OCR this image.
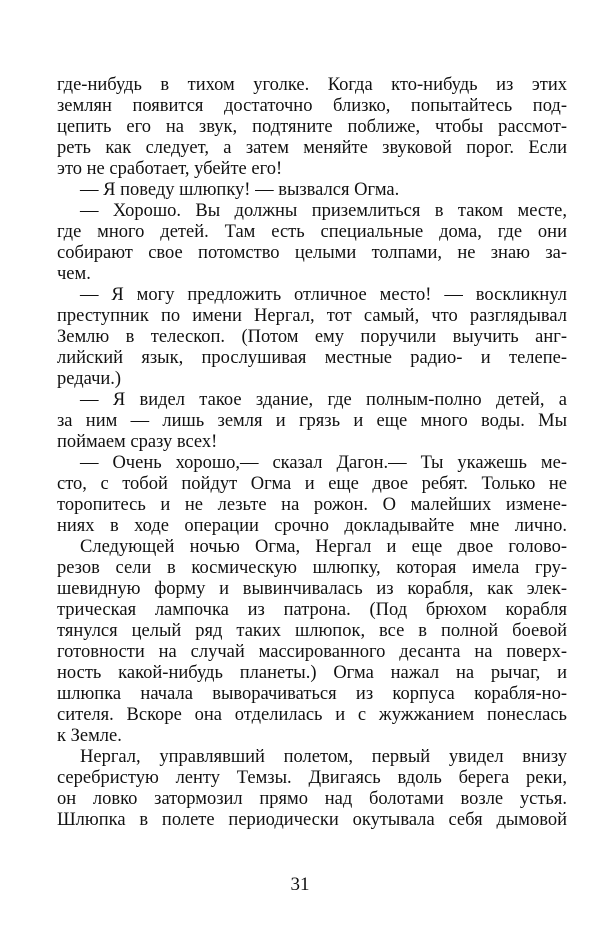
где-нибудь в тихом уголке. Когда кто-нибудь из этих
землян появится достаточно близко, попытайтесь под-
цепить его на звук, подтяните поближе, чтобы рассмот-
реть как следует, а затем меняйте звуковой порог. Если
это не сработает, убейте его!
— Я поведу шлюпку! — вызвался Огма.
— Хорошо. Вы должны приземлиться в таком месте,
где много детей. Там есть специальные дома, где они
собирают свое потомство целыми толпами, не знаю за-
чем.
— Я могу предложить отличное место! — воскликнул
преступник по имени Нергал, тот самый, что разглядывал
Землю в телескоп. (Потом ему поручили выучить анг-
лийский язык, прослушивая местные радио- и телепе-
редачи.)
— Я видел такое здание, где полным-полно детей, а
за ним — лишь земля и грязь и еще много воды. Мы
поймаем сразу всех!
— Очень хорошо,— сказал Дагон.— Ты укажешь ме-
сто, с тобой пойдут Огма и еще двое ребят. Только не
торопитесь и не лезьте на рожон. О малейших измене-
ниях в ходе операции срочно докладывайте мне лично.
Следующей ночью Огма, Нергал и еще двое голово-
резов сели в космическую шлюпку, которая имела гру-
шевидную форму и вывинчивалась из корабля, как элек-
трическая лампочка из патрона. (Под брюхом корабля
тянулся целый ряд таких шлюпок, все в полной боевой
готовности на случай массированного десанта на поверх-
ность какой-нибудь планеты.) Огма нажал на рычаг, и
шлюпка начала выворачиваться из корпуса корабля-но-
сителя. Вскоре она отделилась и с жужжанием понеслась
к Земле.
Нергал, управлявший полетом, первый увидел внизу
серебристую ленту Темзы. Двигаясь вдоль берега реки,
он ловко затормозил прямо над болотами возле устья.
Шлюпка в полете периодически окутывала себя дымовой
31
